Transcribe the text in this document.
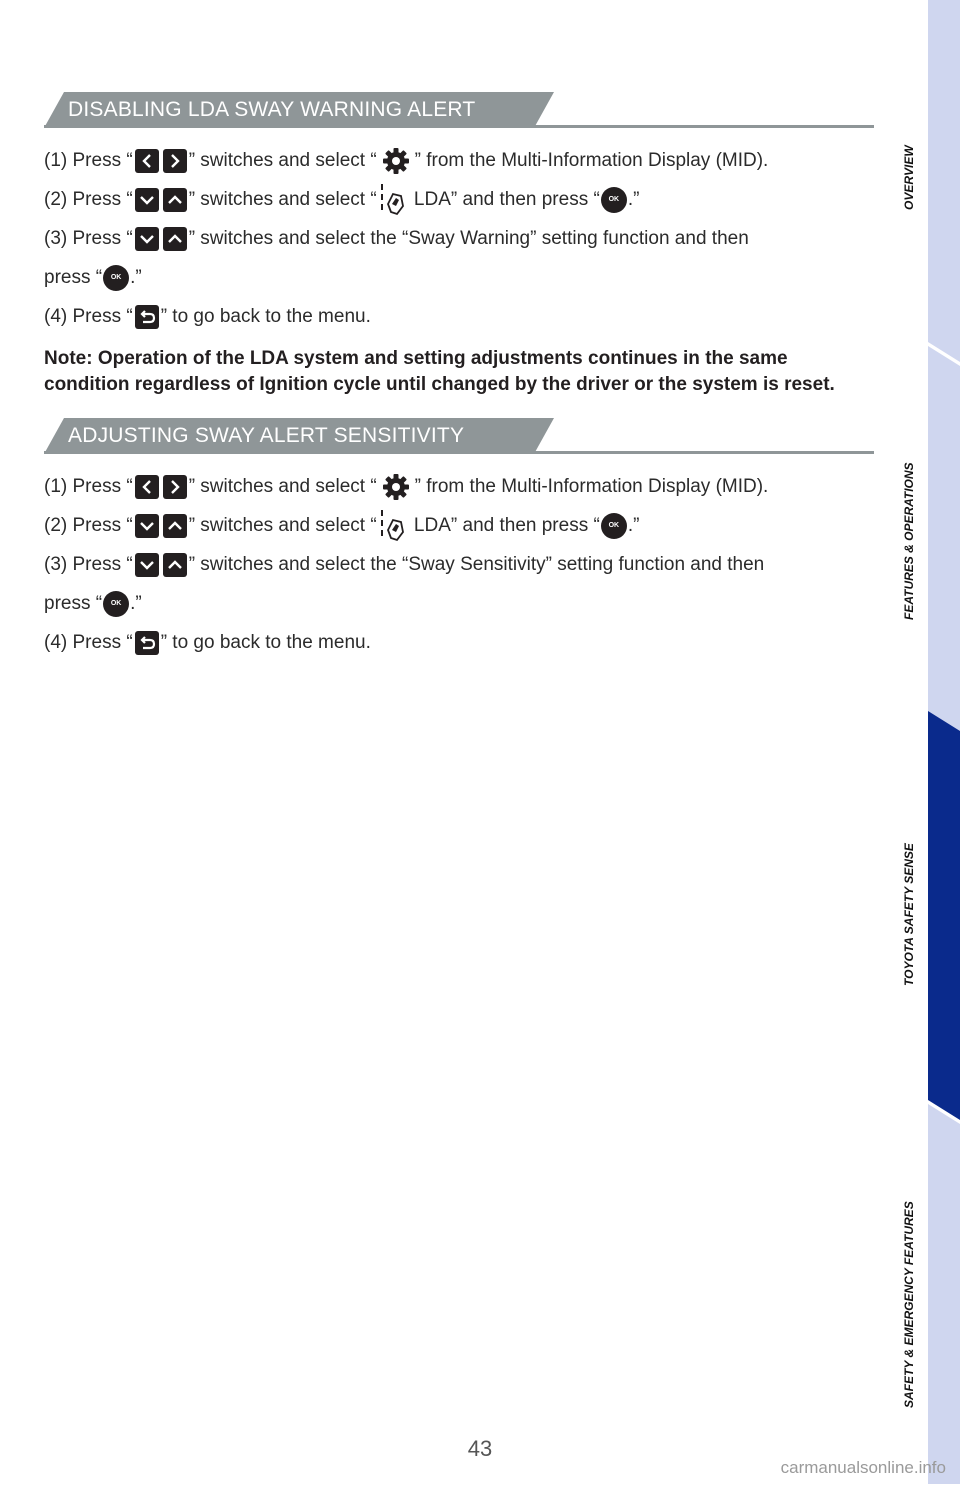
OVERVIEW
FEATURES & OPERATIONS
TOYOTA SAFETY SENSE
SAFETY & EMERGENCY FEATURES
DISABLING LDA SWAY WARNING ALERT
(1) Press “	” switches and select “ ” from the Multi-Information Display (MID).
(2) Press “	” switches and select “ LDA” and then press “	OK .”
(3) Press “	” switches and select the “Sway Warning” setting function and then
press “	OK .”
(4) Press “ ” to go back to the menu.
Note: Operation of the LDA system and setting adjustments continues in the same condition regardless of Ignition cycle until changed by the driver or the system is reset.
ADJUSTING SWAY ALERT SENSITIVITY
(1) Press “	” switches and select “ ” from the Multi-Information Display (MID).
(2) Press “	” switches and select “ LDA” and then press “	OK .”
(3) Press “	” switches and select the “Sway Sensitivity” setting function and then
press “	OK .”
(4) Press “ ” to go back to the menu.
43
carmanualsonline.info
